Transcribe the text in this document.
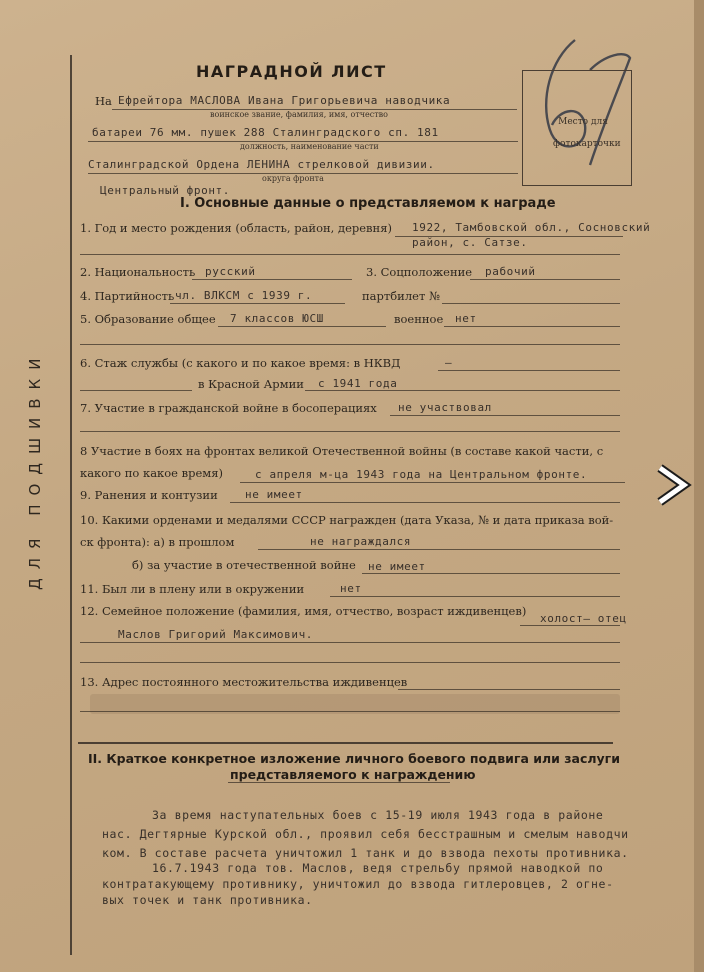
ДЛЯ ПОДШИВКИ
Место для фотокарточки
НАГРАДНОЙ ЛИСТ
На Ефрейтора МАСЛОВА Ивана Григорьевича наводчика
воинское звание, фамилия, имя, отчество
батареи 76 мм. пушек 288 Сталинградского сп. 181
должность, наименование части
Сталинградской Ордена ЛЕНИНА стрелковой дивизии.
округа фронта
Центральный фронт.
I. Основные данные о представляемом к награде
1. Год и место рождения (область, район, деревня) 1922, Тамбовской обл., Сосновский
район, с. Сатзе.
2. Национальность русский	3. Соцположение рабочий
4. Партийность чл. ВЛКСМ с 1939 г.	партбилет №
5. Образование общее 7 классов ЮСШ	военное нет
6. Стаж службы (с какого и по какое время: в НКВД	–
в Красной Армии с 1941 года
7. Участие в гражданской войне в босоперациях не участвовал
8 Участие в боях на фронтах великой Отечественной войны (в составе какой части, с
какого по какое время)	с апреля м-ца 1943 года на Центральном фронте.
9. Ранения и контузии не имеет
10. Какими орденами и медалями СССР награжден (дата Указа, № и дата приказа вой-
ск фронта): а) в прошлом	не награждался
б) за участие в отечественной войне не имеет
11. Был ли в плену или в окружении	нет
12. Семейное положение (фамилия, имя, отчество, возраст иждивенцев)
холост– отец
Маслов Григорий Максимович.
13. Адрес постоянного местожительства иждивенцев
II. Краткое конкретное изложение личного боевого подвига или заслуги
представляемого к награждению
За время наступательных боев с 15-19 июля 1943 года в районе
нас. Дегтярные Курской обл., проявил себя бесстрашным и смелым наводчи
ком. В составе расчета уничтожил 1 танк и до взвода пехоты противника.
16.7.1943 года тов. Маслов, ведя стрельбу прямой наводкой по
контратакующему противнику, уничтожил до взвода гитлеровцев, 2 огне-
вых точек и танк противника.
